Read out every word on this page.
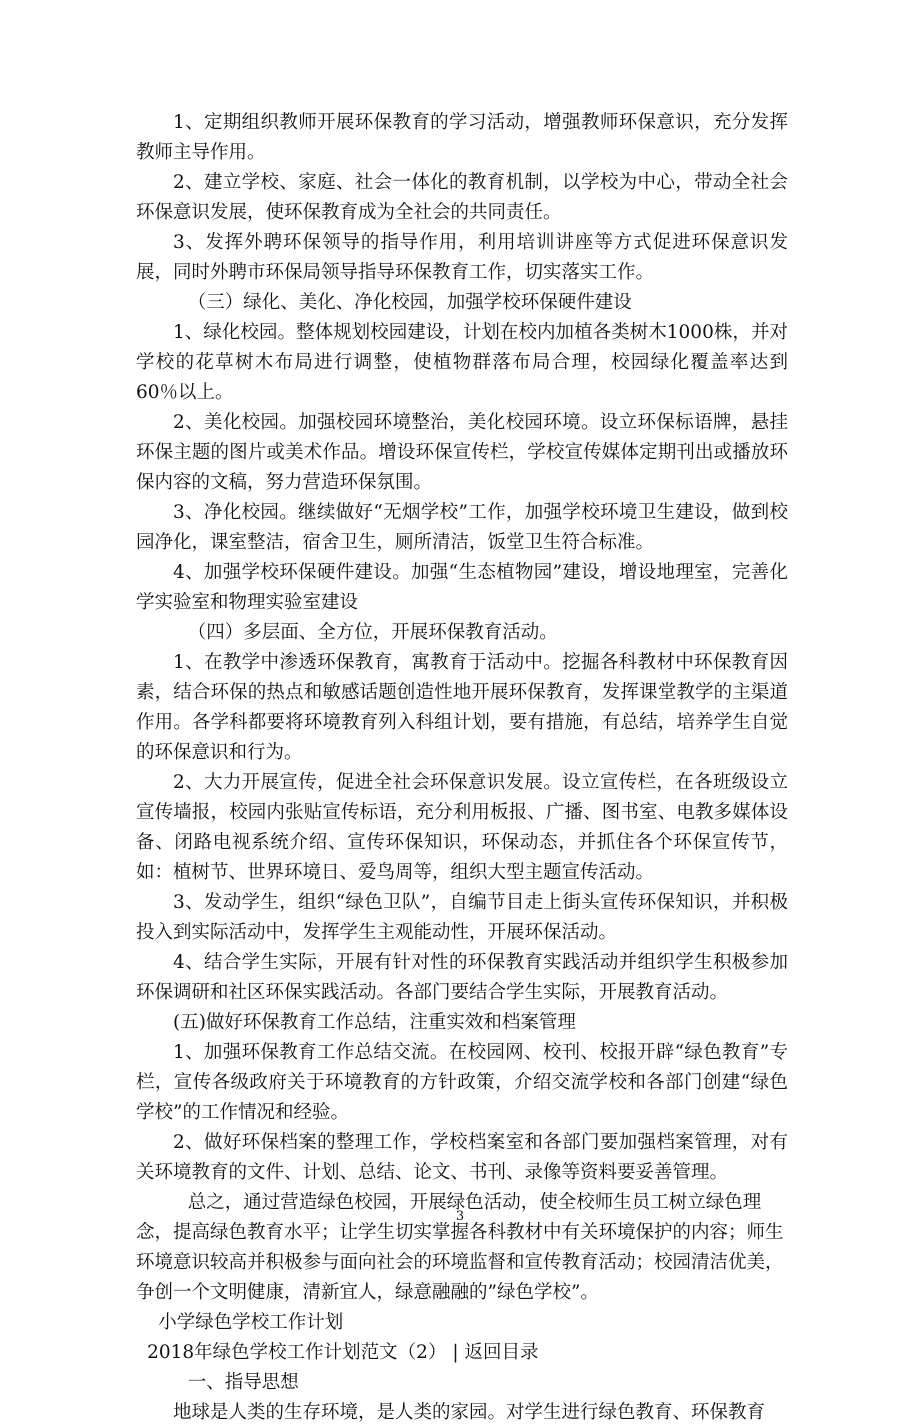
1、定期组织教师开展环保教育的学习活动，增强教师环保意识，充分发挥教师主导作用。

2、建立学校、家庭、社会一体化的教育机制，以学校为中心，带动全社会环保意识发展，使环保教育成为全社会的共同责任。

3、发挥外聘环保领导的指导作用，利用培训讲座等方式促进环保意识发展，同时外聘市环保局领导指导环保教育工作，切实落实工作。

（三）绿化、美化、净化校园，加强学校环保硬件建设

1、绿化校园。整体规划校园建设，计划在校内加植各类树木1000株，并对学校的花草树木布局进行调整，使植物群落布局合理，校园绿化覆盖率达到60％以上。

2、美化校园。加强校园环境整治，美化校园环境。设立环保标语牌，悬挂环保主题的图片或美术作品。增设环保宣传栏，学校宣传媒体定期刊出或播放环保内容的文稿，努力营造环保氛围。

3、净化校园。继续做好“无烟学校”工作，加强学校环境卫生建设，做到校园净化，课室整洁，宿舍卫生，厕所清洁，饭堂卫生符合标准。

4、加强学校环保硬件建设。加强“生态植物园”建设，增设地理室，完善化学实验室和物理实验室建设

（四）多层面、全方位，开展环保教育活动。

1、在教学中渗透环保教育，寓教育于活动中。挖掘各科教材中环保教育因素，结合环保的热点和敏感话题创造性地开展环保教育，发挥课堂教学的主渠道作用。各学科都要将环境教育列入科组计划，要有措施，有总结，培养学生自觉的环保意识和行为。

2、大力开展宣传，促进全社会环保意识发展。设立宣传栏，在各班级设立宣传墙报，校园内张贴宣传标语，充分利用板报、广播、图书室、电教多媒体设备、闭路电视系统介绍、宣传环保知识，环保动态，并抓住各个环保宣传节，如：植树节、世界环境日、爱鸟周等，组织大型主题宣传活动。

3、发动学生，组织“绿色卫队”，自编节目走上街头宣传环保知识，并积极投入到实际活动中，发挥学生主观能动性，开展环保活动。

4、结合学生实际，开展有针对性的环保教育实践活动并组织学生积极参加环保调研和社区环保实践活动。各部门要结合学生实际，开展教育活动。

(五)做好环保教育工作总结，注重实效和档案管理

1、加强环保教育工作总结交流。在校园网、校刊、校报开辟“绿色教育”专栏，宣传各级政府关于环境教育的方针政策，介绍交流学校和各部门创建“绿色学校”的工作情况和经验。

2、做好环保档案的整理工作，学校档案室和各部门要加强档案管理，对有关环境教育的文件、计划、总结、论文、书刊、录像等资料要妥善管理。

总之，通过营造绿色校园，开展绿色活动，使全校师生员工树立绿色理念，提高绿色教育水平；让学生切实掌握各科教材中有关环境保护的内容；师生环境意识较高并积极参与面向社会的环境监督和宣传教育活动；校园清洁优美，争创一个文明健康，清新宜人，绿意融融的”绿色学校”。

小学绿色学校工作计划

2018年绿色学校工作计划范文（2） | 返回目录

一、指导思想

地球是人类的生存环境，是人类的家园。对学生进行绿色教育、环保教育

3
